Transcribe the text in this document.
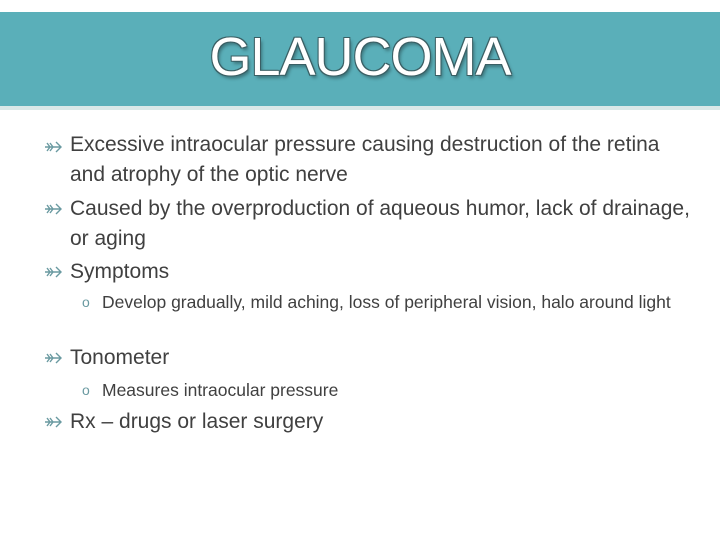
GLAUCOMA
Excessive intraocular pressure causing destruction of the retina and atrophy of the optic nerve
Caused by the overproduction of aqueous humor, lack of drainage, or aging
Symptoms
o Develop gradually, mild aching, loss of peripheral vision, halo around light
Tonometer
o Measures intraocular pressure
Rx – drugs or laser surgery
